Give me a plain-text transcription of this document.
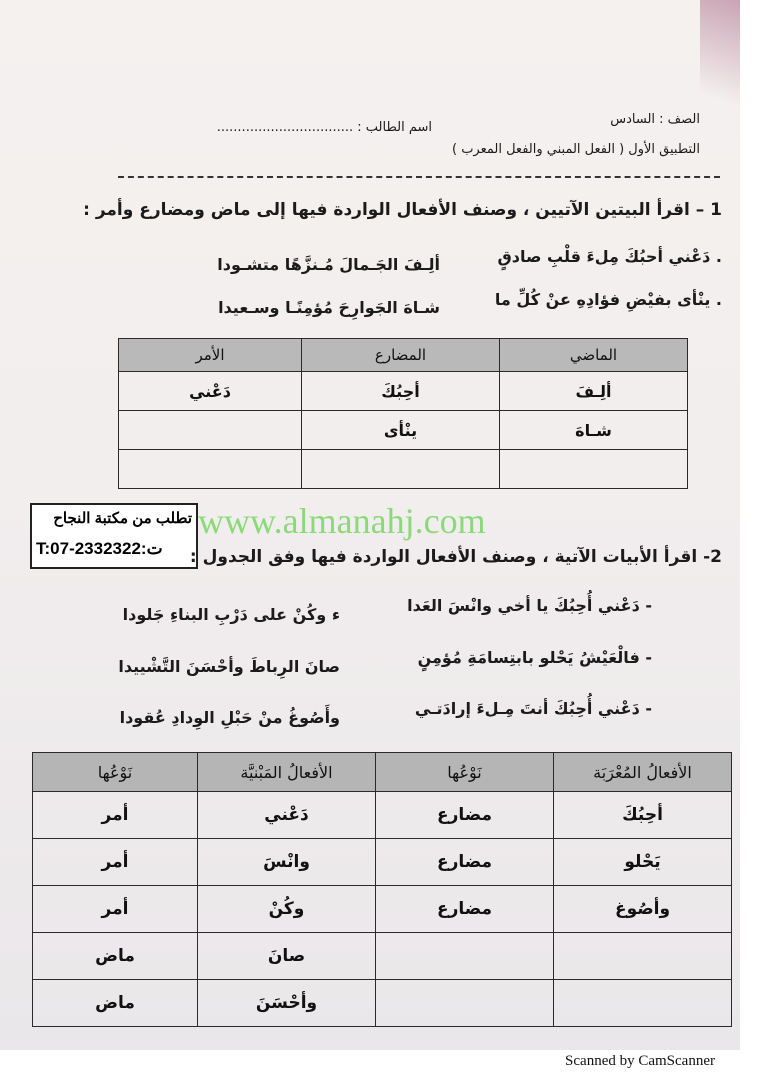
الصف : السادس
اسم الطالب : .................................
التطبيق الأول ( الفعل المبني والفعل المعرب )
1 – اقرأ البيتين الآتيين ، وصنف الأفعال الواردة فيها إلى ماض ومضارع وأمر :
. دَعْني أحبُكَ مِلءَ قلْبِ صادقٍ
ألِـفَ الجَـمالَ مُـنزَّهًا متشـودا
. ينْأى بفيْضِ فؤادِهِ عنْ كُلِّ ما
شـاهَ الجَوارِحَ مُؤمِنًـا وسـعيدا
الماضي	المضارع	الأمر
ألِـفَ	أحِبُكَ	دَعْني
شـاهَ	ينْأى	

تطلب من مكتبة النجاح
T:07-2332322:ت
www.almanahj.com
2- اقرأ الأبيات الآتية ، وصنف الأفعال الواردة فيها وفق الجدول :
- دَعْني أُحِبُكَ يا أخي وانْسَ العَدا
ء وكُنْ على دَرْبِ البناءِ جَلودا
- فالْعَيْشُ يَحْلو بابتِسامَةِ مُؤمِنٍ
صانَ الرِباطَ وأحْسَنَ التَّشْييدا
- دَعْني أُحِبُكَ أنتَ مِـلءَ إرادَتـي
وأَصُوغُ منْ حَبْلِ الوِدادِ عُقودا
الأفعالُ المُعْرَبَة	نَوْعُها	الأفعالُ المَبْنيَّة	نَوْعُها
أحِبُكَ	مضارع	دَعْني	أمر
يَحْلو	مضارع	وانْسَ	أمر
وأصُوغ	مضارع	وكُنْ	أمر
		صانَ	ماض
		وأحْسَنَ	ماض
Scanned by CamScanner
